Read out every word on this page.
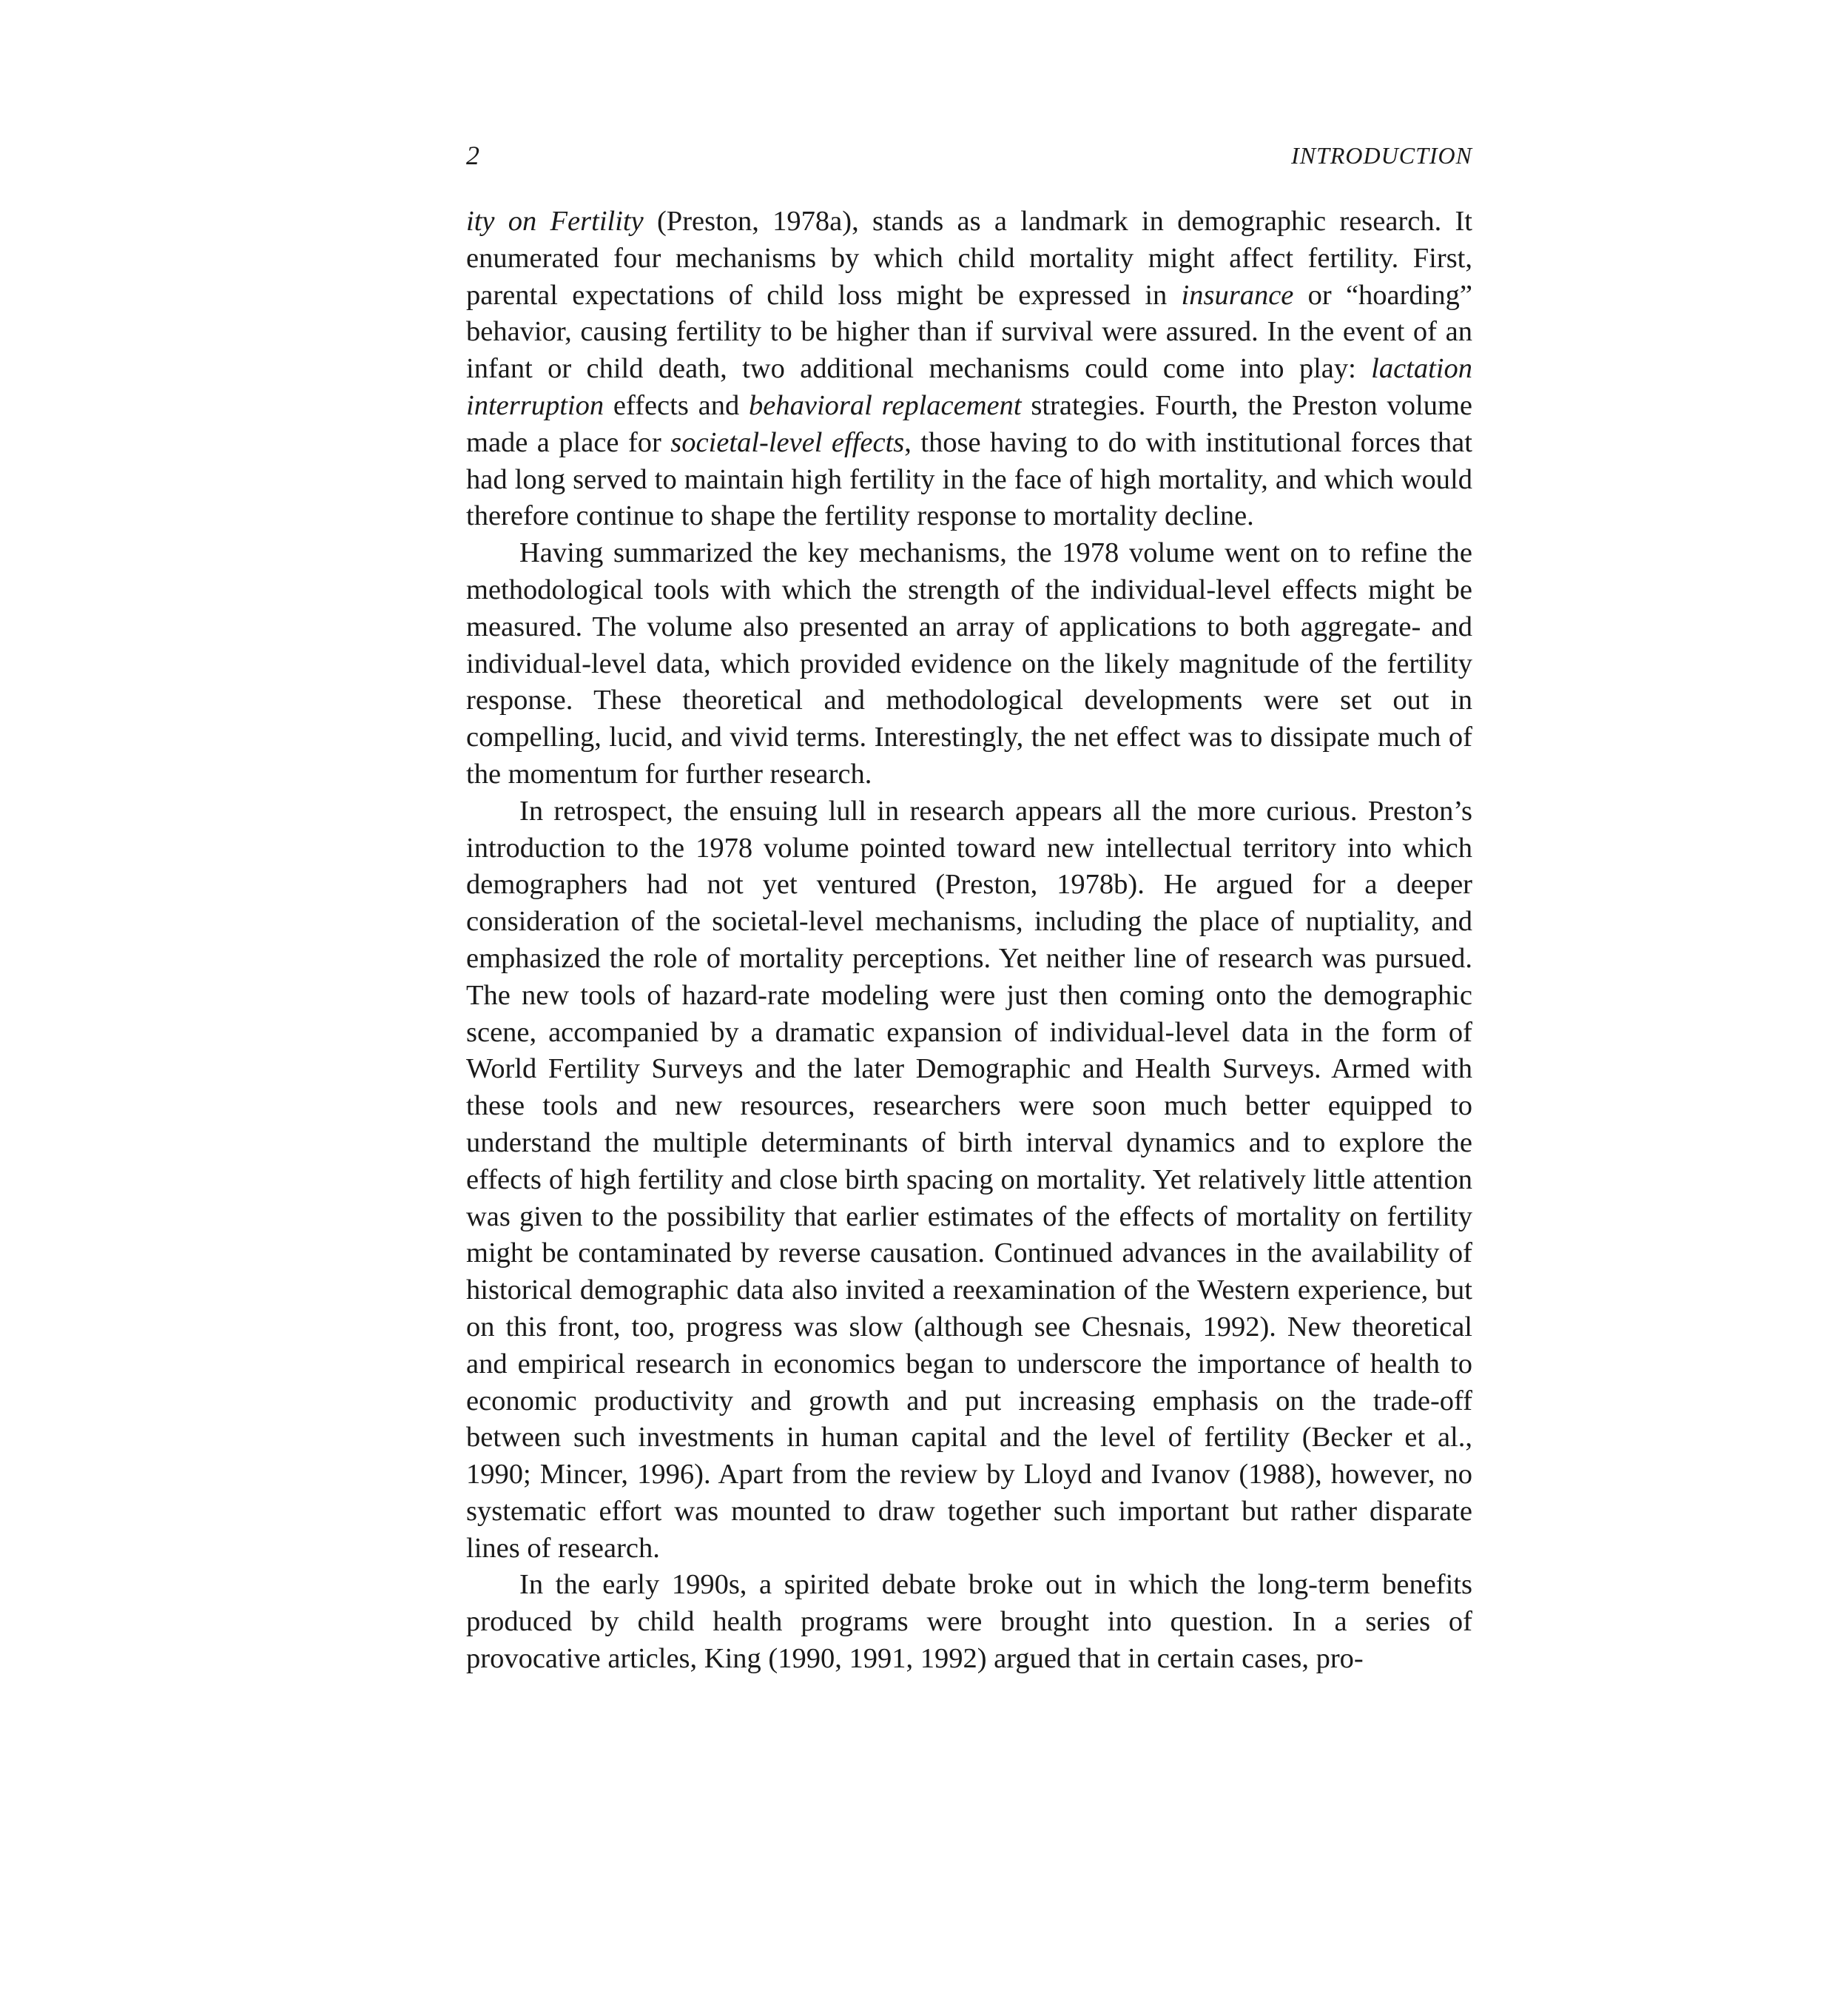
2	INTRODUCTION

ity on Fertility (Preston, 1978a), stands as a landmark in demographic research. It enumerated four mechanisms by which child mortality might affect fertility. First, parental expectations of child loss might be expressed in insurance or “hoarding” behavior, causing fertility to be higher than if survival were assured. In the event of an infant or child death, two additional mechanisms could come into play: lactation interruption effects and behavioral replacement strategies. Fourth, the Preston volume made a place for societal-level effects, those having to do with institutional forces that had long served to maintain high fertility in the face of high mortality, and which would therefore continue to shape the fertility response to mortality decline.

Having summarized the key mechanisms, the 1978 volume went on to refine the methodological tools with which the strength of the individual-level effects might be measured. The volume also presented an array of applications to both aggregate- and individual-level data, which provided evidence on the likely magnitude of the fertility response. These theoretical and methodological developments were set out in compelling, lucid, and vivid terms. Interestingly, the net effect was to dissipate much of the momentum for further research.

In retrospect, the ensuing lull in research appears all the more curious. Preston’s introduction to the 1978 volume pointed toward new intellectual territory into which demographers had not yet ventured (Preston, 1978b). He argued for a deeper consideration of the societal-level mechanisms, including the place of nuptiality, and emphasized the role of mortality perceptions. Yet neither line of research was pursued. The new tools of hazard-rate modeling were just then coming onto the demographic scene, accompanied by a dramatic expansion of individual-level data in the form of World Fertility Surveys and the later Demographic and Health Surveys. Armed with these tools and new resources, researchers were soon much better equipped to understand the multiple determinants of birth interval dynamics and to explore the effects of high fertility and close birth spacing on mortality. Yet relatively little attention was given to the possibility that earlier estimates of the effects of mortality on fertility might be contaminated by reverse causation. Continued advances in the availability of historical demographic data also invited a reexamination of the Western experience, but on this front, too, progress was slow (although see Chesnais, 1992). New theoretical and empirical research in economics began to underscore the importance of health to economic productivity and growth and put increasing emphasis on the trade-off between such investments in human capital and the level of fertility (Becker et al., 1990; Mincer, 1996). Apart from the review by Lloyd and Ivanov (1988), however, no systematic effort was mounted to draw together such important but rather disparate lines of research.

In the early 1990s, a spirited debate broke out in which the long-term benefits produced by child health programs were brought into question. In a series of provocative articles, King (1990, 1991, 1992) argued that in certain cases, pro-
